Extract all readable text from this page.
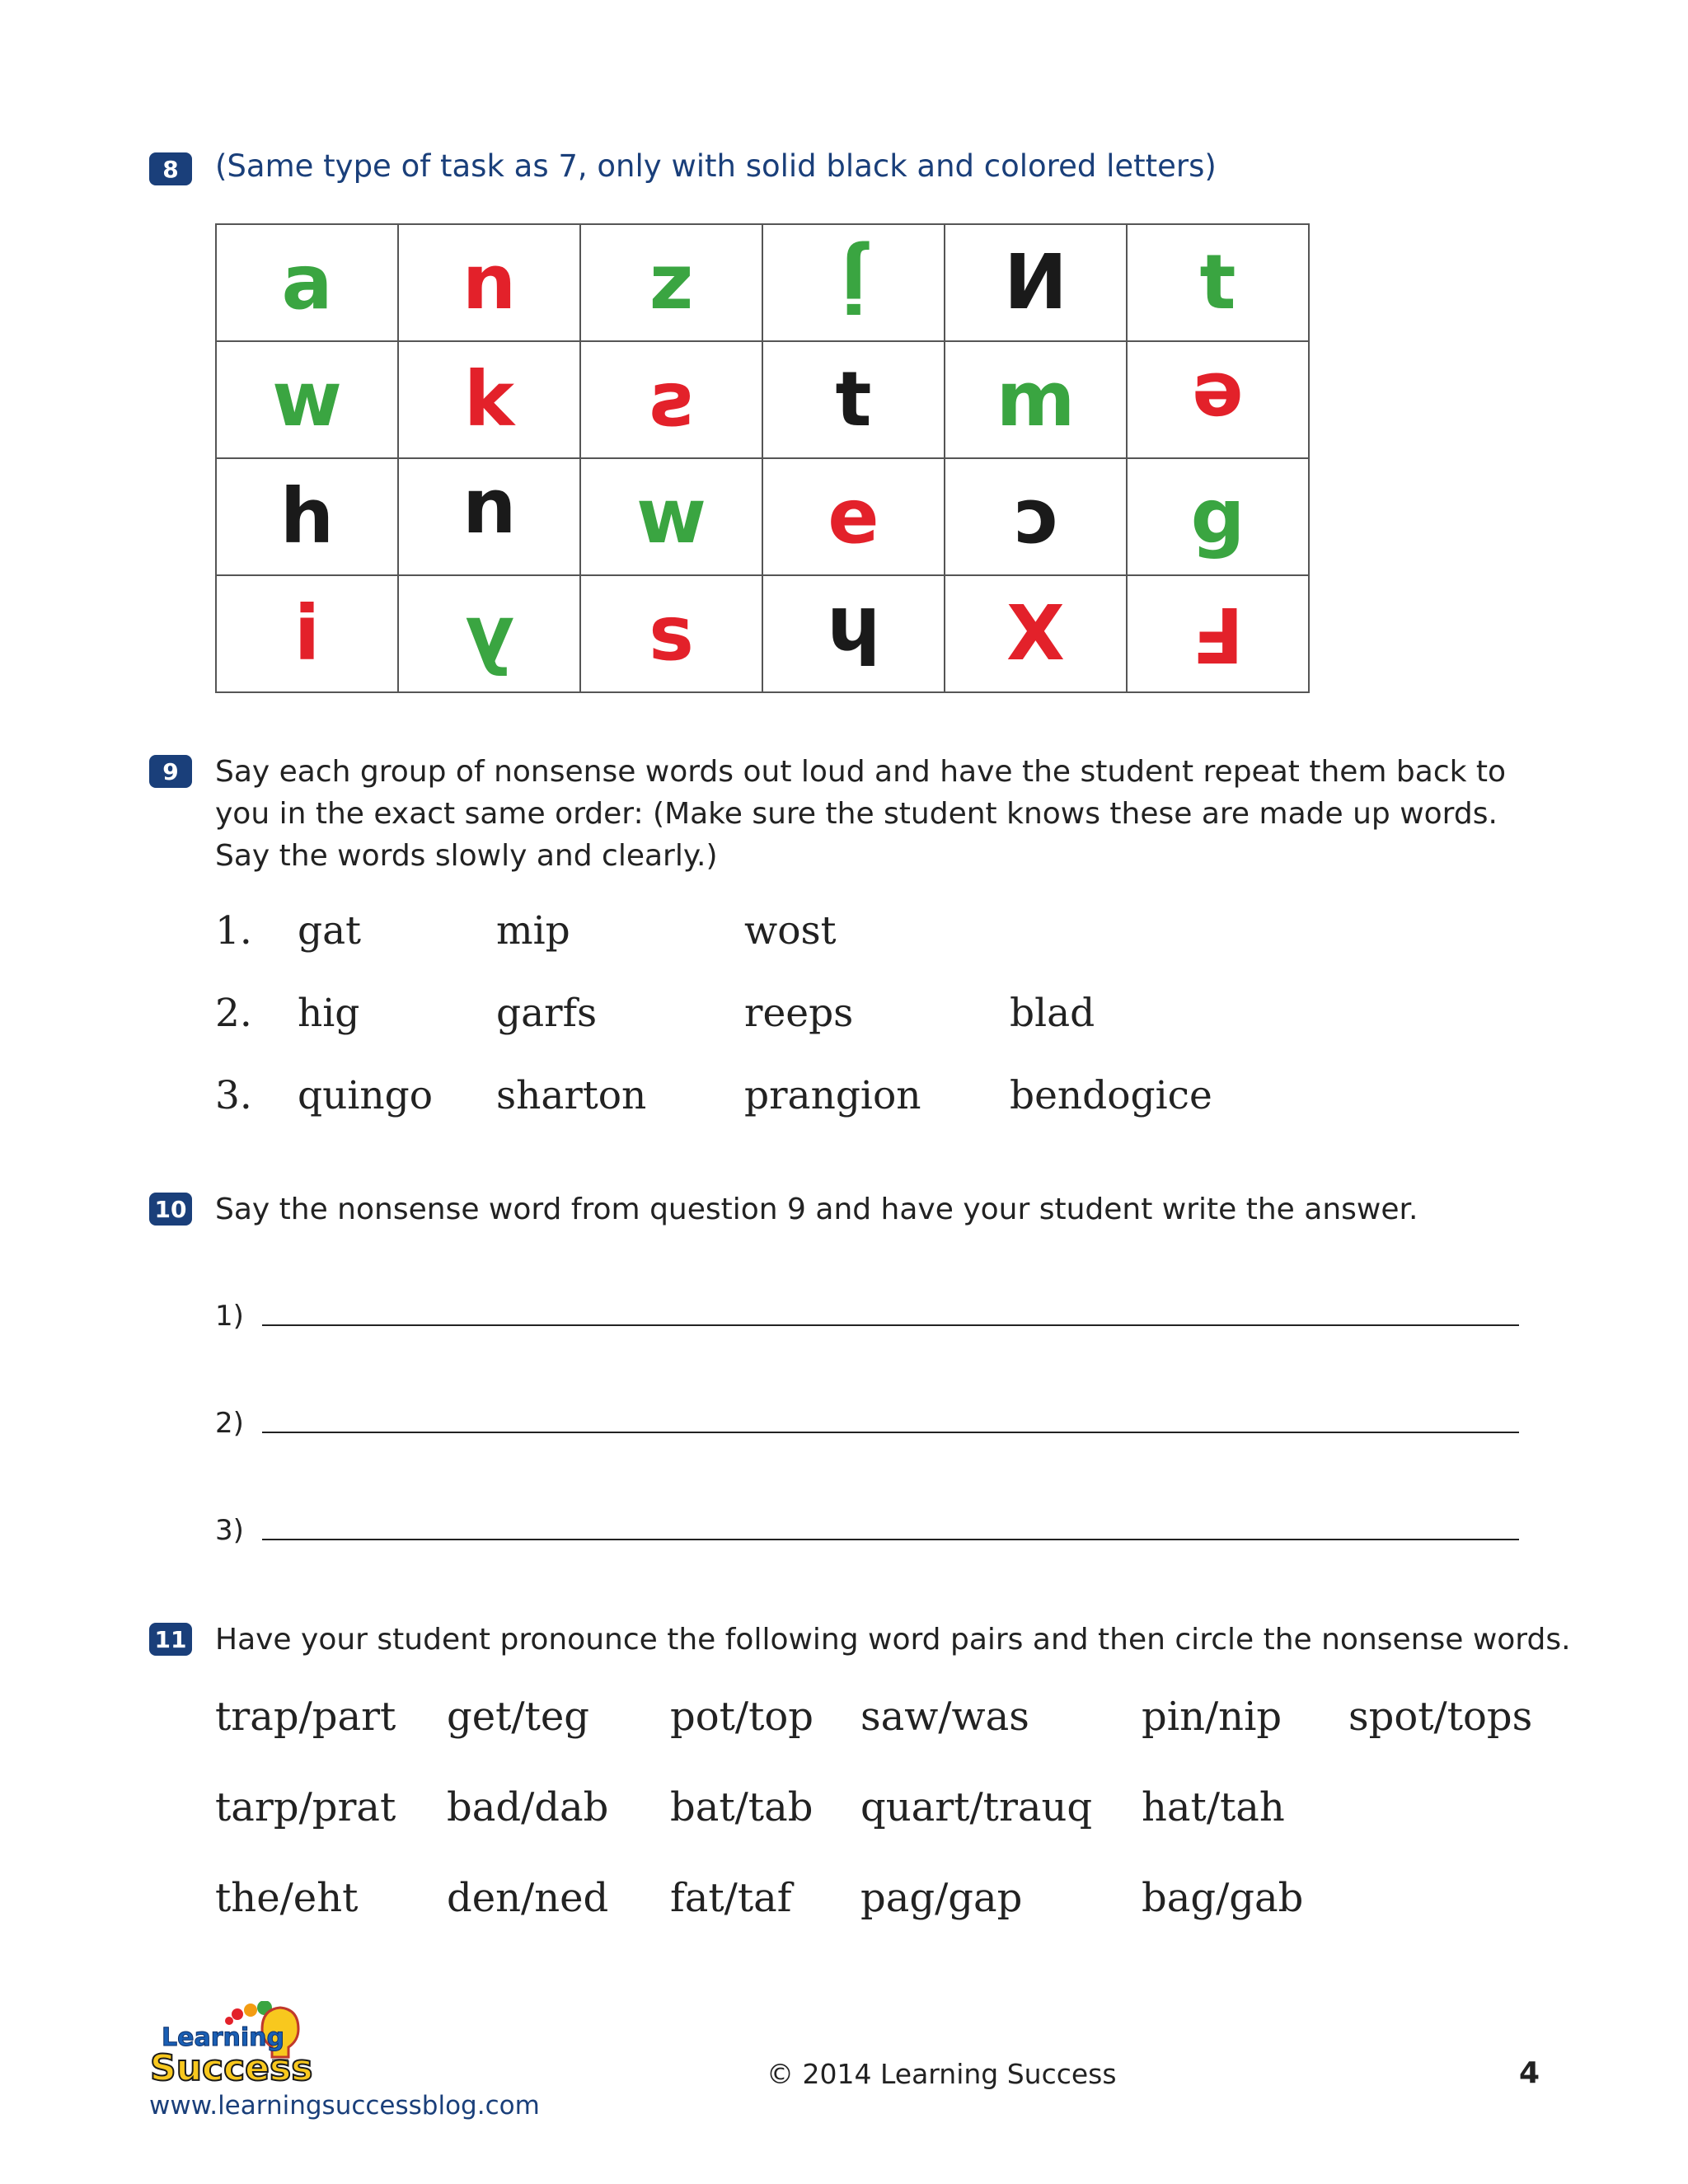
8	(Same type of task as 7, only with solid black and colored letters)
a	n	z	j	И	t
w	k	s	t	m	e
h	u	w	e	c	g
i	y	s	h	X	F
9	Say each group of nonsense words out loud and have the student repeat them back to you in the exact same order: (Make sure the student knows these are made up words. Say the words slowly and clearly.)
1. gat	mip	wost
2. hig	garfs	reeps	blad
3. quingo sharton	prangion bendogice
10 Say the nonsense word from question 9 and have your student write the answer.
1)
2)
3)
11 Have your student pronounce the following word pairs and then circle the nonsense words.
trap/part get/teg pot/top saw/was	pin/nip spot/tops
tarp/prat bad/dab bat/tab quart/trauq hat/tah
the/eht den/ned fat/taf pag/gap	bag/gab
Learning
Success
www.learningsuccessblog.com
© 2014 Learning Success	4
